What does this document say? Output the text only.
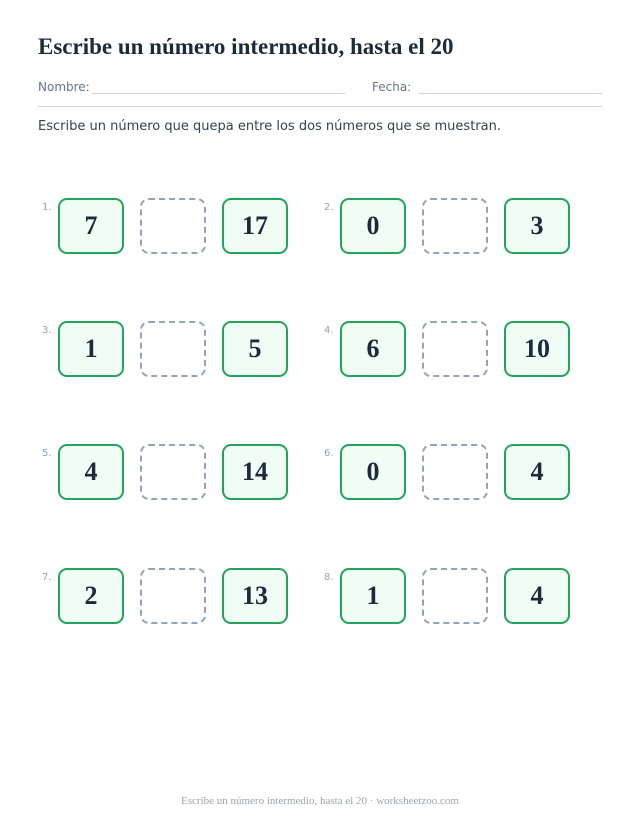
Escribe un número intermedio, hasta el 20
Nombre:	Fecha:
Escribe un número que quepa entre los dos números que se muestran.
1.
7	17
2.
0	3
3.
1	5
4.
6	10
5.
4	14
6.
0	4
7.
2	13
8.
1	4
Escribe un número intermedio, hasta el 20 · worksheetzoo.com
